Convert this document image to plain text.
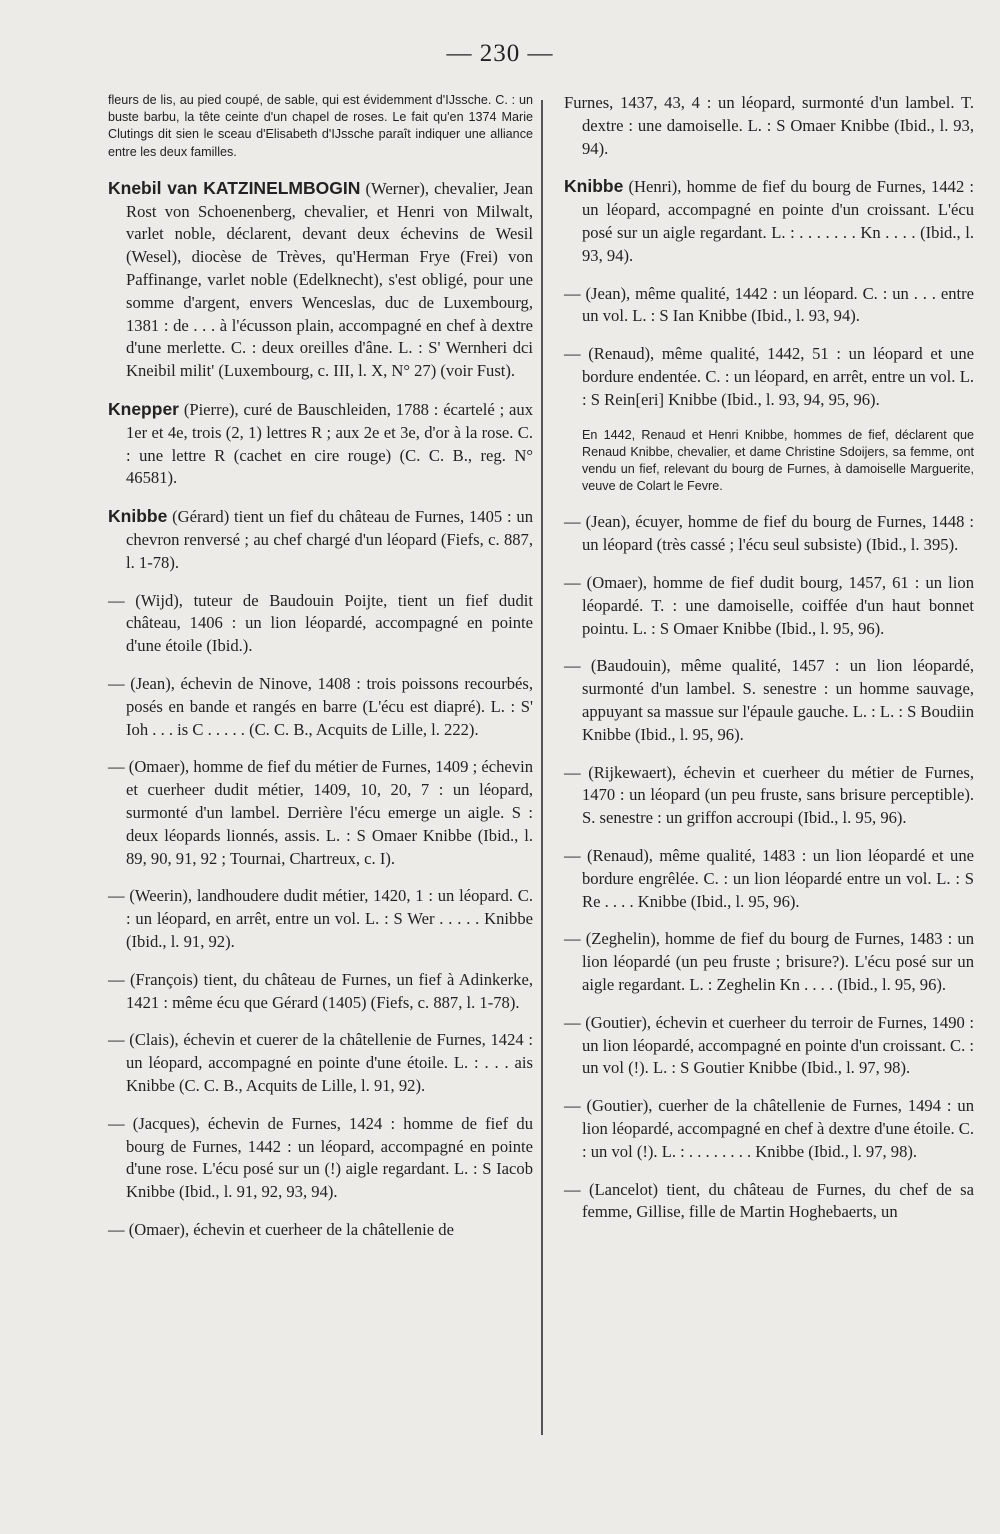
— 230 —

fleurs de lis, au pied coupé, de sable, qui est évidemment d'IJssche. C. : un buste barbu, la tête ceinte d'un chapel de roses. Le fait qu'en 1374 Marie Clutings dit sien le sceau d'Elisabeth d'IJssche paraît indiquer une alliance entre les deux familles.

Knebil van KATZINELMBOGIN (Werner), chevalier, Jean Rost von Schoenenberg, chevalier, et Henri von Milwalt, varlet noble, déclarent, devant deux échevins de Wesil (Wesel), diocèse de Trèves, qu'Herman Frye (Frei) von Paffinange, varlet noble (Edelknecht), s'est obligé, pour une somme d'argent, envers Wenceslas, duc de Luxembourg, 1381 : de . . . à l'écusson plain, accompagné en chef à dextre d'une merlette. C. : deux oreilles d'âne. L. : S' Wernheri dci Kneibil milit' (Luxembourg, c. III, l. X, N° 27) (voir Fust).

Knepper (Pierre), curé de Bauschleiden, 1788 : écartelé ; aux 1er et 4e, trois (2, 1) lettres R ; aux 2e et 3e, d'or à la rose. C. : une lettre R (cachet en cire rouge) (C. C. B., reg. N° 46581).

Knibbe (Gérard) tient un fief du château de Furnes, 1405 : un chevron renversé ; au chef chargé d'un léopard (Fiefs, c. 887, l. 1-78).

— (Wijd), tuteur de Baudouin Poijte, tient un fief dudit château, 1406 : un lion léopardé, accompagné en pointe d'une étoile (Ibid.).

— (Jean), échevin de Ninove, 1408 : trois poissons recourbés, posés en bande et rangés en barre (L'écu est diapré). L. : S' Ioh . . . is C . . . . . (C. C. B., Acquits de Lille, l. 222).

— (Omaer), homme de fief du métier de Furnes, 1409 ; échevin et cuerheer dudit métier, 1409, 10, 20, 7 : un léopard, surmonté d'un lambel. Derrière l'écu emerge un aigle. S : deux léopards lionnés, assis. L. : S Omaer Knibbe (Ibid., l. 89, 90, 91, 92 ; Tournai, Chartreux, c. I).

— (Weerin), landhoudere dudit métier, 1420, 1 : un léopard. C. : un léopard, en arrêt, entre un vol. L. : S Wer . . . . . Knibbe (Ibid., l. 91, 92).

— (François) tient, du château de Furnes, un fief à Adinkerke, 1421 : même écu que Gérard (1405) (Fiefs, c. 887, l. 1-78).

— (Clais), échevin et cuerer de la châtellenie de Furnes, 1424 : un léopard, accompagné en pointe d'une étoile. L. : . . . ais Knibbe (C. C. B., Acquits de Lille, l. 91, 92).

— (Jacques), échevin de Furnes, 1424 : homme de fief du bourg de Furnes, 1442 : un léopard, accompagné en pointe d'une rose. L'écu posé sur un (!) aigle regardant. L. : S Iacob Knibbe (Ibid., l. 91, 92, 93, 94).

— (Omaer), échevin et cuerheer de la châtellenie de

Furnes, 1437, 43, 4 : un léopard, surmonté d'un lambel. T. dextre : une damoiselle. L. : S Omaer Knibbe (Ibid., l. 93, 94).

Knibbe (Henri), homme de fief du bourg de Furnes, 1442 : un léopard, accompagné en pointe d'un croissant. L'écu posé sur un aigle regardant. L. : . . . . . . . Kn . . . . (Ibid., l. 93, 94).

— (Jean), même qualité, 1442 : un léopard. C. : un . . . entre un vol. L. : S Ian Knibbe (Ibid., l. 93, 94).

— (Renaud), même qualité, 1442, 51 : un léopard et une bordure endentée. C. : un léopard, en arrêt, entre un vol. L. : S Rein[eri] Knibbe (Ibid., l. 93, 94, 95, 96).

En 1442, Renaud et Henri Knibbe, hommes de fief, déclarent que Renaud Knibbe, chevalier, et dame Christine Sdoijers, sa femme, ont vendu un fief, relevant du bourg de Furnes, à damoiselle Marguerite, veuve de Colart le Fevre.

— (Jean), écuyer, homme de fief du bourg de Furnes, 1448 : un léopard (très cassé ; l'écu seul subsiste) (Ibid., l. 395).

— (Omaer), homme de fief dudit bourg, 1457, 61 : un lion léopardé. T. : une damoiselle, coiffée d'un haut bonnet pointu. L. : S Omaer Knibbe (Ibid., l. 95, 96).

— (Baudouin), même qualité, 1457 : un lion léopardé, surmonté d'un lambel. S. senestre : un homme sauvage, appuyant sa massue sur l'épaule gauche. L. : L. : S Boudiin Knibbe (Ibid., l. 95, 96).

— (Rijkewaert), échevin et cuerheer du métier de Furnes, 1470 : un léopard (un peu fruste, sans brisure perceptible). S. senestre : un griffon accroupi (Ibid., l. 95, 96).

— (Renaud), même qualité, 1483 : un lion léopardé et une bordure engrêlée. C. : un lion léopardé entre un vol. L. : S Re . . . . Knibbe (Ibid., l. 95, 96).

— (Zeghelin), homme de fief du bourg de Furnes, 1483 : un lion léopardé (un peu fruste ; brisure?). L'écu posé sur un aigle regardant. L. : Zeghelin Kn . . . . (Ibid., l. 95, 96).

— (Goutier), échevin et cuerheer du terroir de Furnes, 1490 : un lion léopardé, accompagné en pointe d'un croissant. C. : un vol (!). L. : S Goutier Knibbe (Ibid., l. 97, 98).

— (Goutier), cuerher de la châtellenie de Furnes, 1494 : un lion léopardé, accompagné en chef à dextre d'une étoile. C. : un vol (!). L. : . . . . . . . . Knibbe (Ibid., l. 97, 98).

— (Lancelot) tient, du château de Furnes, du chef de sa femme, Gillise, fille de Martin Hoghebaerts, un
